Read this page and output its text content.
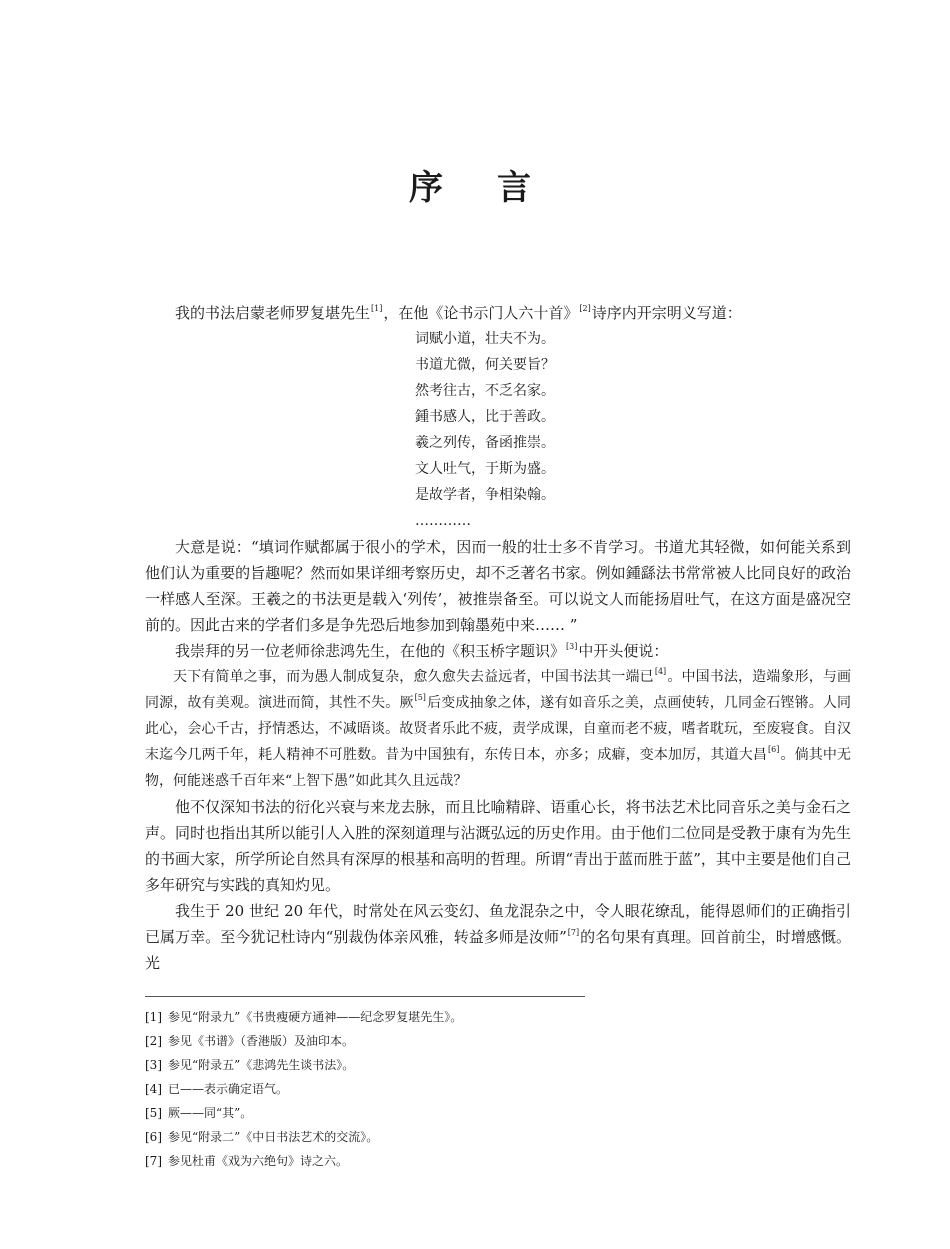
序　言

我的书法启蒙老师罗复堪先生[1]，在他《论书示门人六十首》[2]诗序内开宗明义写道：

词赋小道，壮夫不为。
书道尤微，何关要旨？
然考往古，不乏名家。
鍾书感人，比于善政。
羲之列传，备函推崇。
文人吐气，于斯为盛。
是故学者，争相染翰。
…………

大意是说：“填词作赋都属于很小的学术，因而一般的壮士多不肯学习。书道尤其轻微，如何能关系到他们认为重要的旨趣呢？然而如果详细考察历史，却不乏著名书家。例如鍾繇法书常常被人比同良好的政治一样感人至深。王羲之的书法更是载入‘列传’，被推崇备至。可以说文人而能扬眉吐气，在这方面是盛况空前的。因此古来的学者们多是争先恐后地参加到翰墨苑中来…… ”

我崇拜的另一位老师徐悲鸿先生，在他的《积玉桥字题识》[3]中开头便说：

天下有简单之事，而为愚人制成复杂，愈久愈失去益远者，中国书法其一端已[4]。中国书法，造端象形，与画同源，故有美观。演进而简，其性不失。厥[5]后变成抽象之体，遂有如音乐之美，点画使转，几同金石铿锵。人同此心，会心千古，抒情悉达，不减晤谈。故贤者乐此不疲，责学成课，自童而老不疲，嗜者耽玩，至废寝食。自汉末迄今几两千年，耗人精神不可胜数。昔为中国独有，东传日本，亦多；成癖，变本加厉，其道大昌[6]。倘其中无物，何能迷惑千百年来“上智下愚”如此其久且远哉？

他不仅深知书法的衍化兴衰与来龙去脉，而且比喻精辟、语重心长，将书法艺术比同音乐之美与金石之声。同时也指出其所以能引人入胜的深刻道理与沾溉弘远的历史作用。由于他们二位同是受教于康有为先生的书画大家，所学所论自然具有深厚的根基和高明的哲理。所谓“青出于蓝而胜于蓝”，其中主要是他们自己多年研究与实践的真知灼见。

我生于 20 世纪 20 年代，时常处在风云变幻、鱼龙混杂之中，令人眼花缭乱，能得恩师们的正确指引已属万幸。至今犹记杜诗内“别裁伪体亲风雅，转益多师是汝师”[7]的名句果有真理。回首前尘，时增感慨。光

[1] 参见“附录九”《书贵瘦硬方通神——纪念罗复堪先生》。
[2] 参见《书谱》（香港版）及油印本。
[3] 参见“附录五”《悲鸿先生谈书法》。
[4] 已——表示确定语气。
[5] 厥——同“其”。
[6] 参见“附录二”《中日书法艺术的交流》。
[7] 参见杜甫《戏为六绝句》诗之六。
